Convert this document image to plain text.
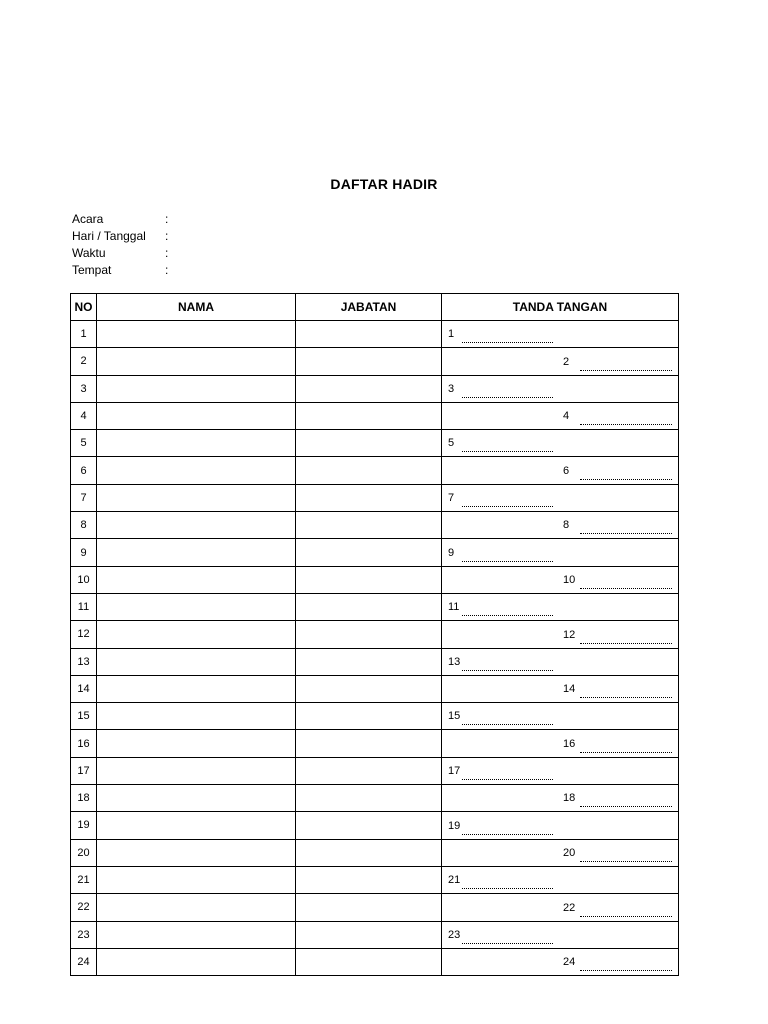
DAFTAR HADIR
Acara	:
Hari / Tanggal :
Waktu	:
Tempat	:
NO	NAMA	JABATAN	TANDA TANGAN
1			1

2			2

3			3

4			4

5			5

6			6

7			7

8			8

9			9

10			10

11			11

12			12

13			13

14			14

15			15

16			16

17			17

18			18

19			19

20			20

21			21

22			22

23			23

24			24
